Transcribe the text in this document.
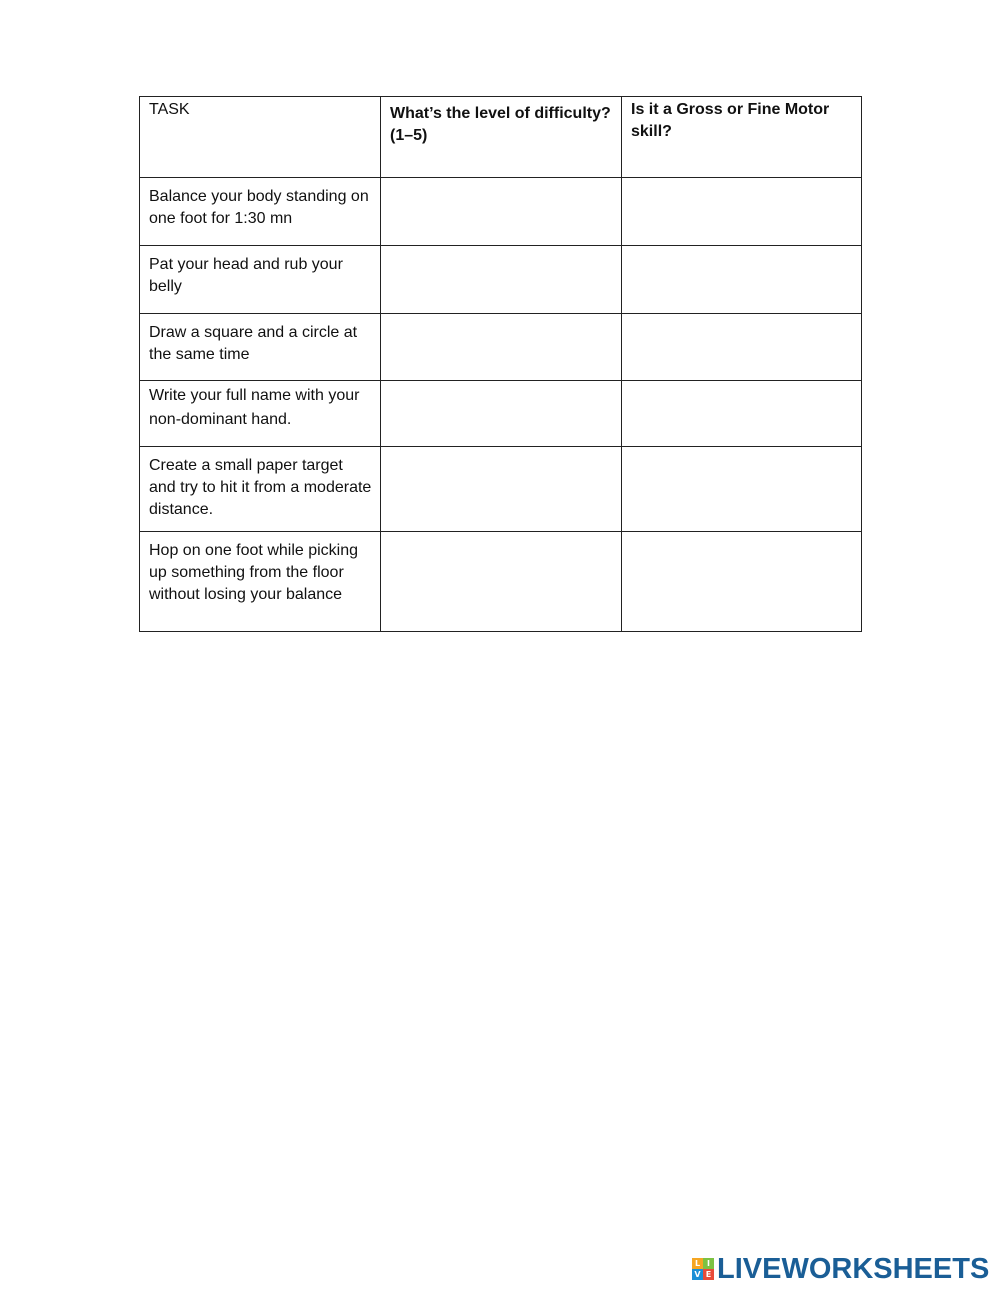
TASK	What’s the level of difficulty? (1–5)	Is it a Gross or Fine Motor skill?
Balance your body standing on one foot for 1:30 mn		
Pat your head and rub your belly		
Draw a square and a circle at the same time		
Write your full name with your non-dominant hand.		
Create a small paper target and try to hit it from a moderate distance.		
Hop on one foot while picking up something from the floor without losing your balance		
L I
V E LIVEWORKSHEETS
